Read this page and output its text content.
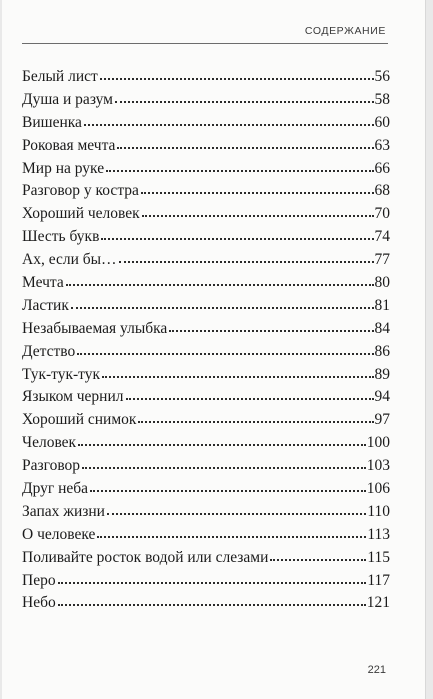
СОДЕРЖАНИЕ
Белый лист	56
Душа и разум	58
Вишенка	60
Роковая мечта	63
Мир на руке	66
Разговор у костра	68
Хороший человек	70
Шесть букв	74
Ах, если бы…	77
Мечта	80
Ластик	81
Незабываемая улыбка	84
Детство	86
Тук-тук-тук	89
Языком чернил	94
Хороший снимок	97
Человек	100
Разговор	103
Друг неба	106
Запах жизни	110
О человеке	113
Поливайте росток водой или слезами	115
Перо	117
Небо	121
221
